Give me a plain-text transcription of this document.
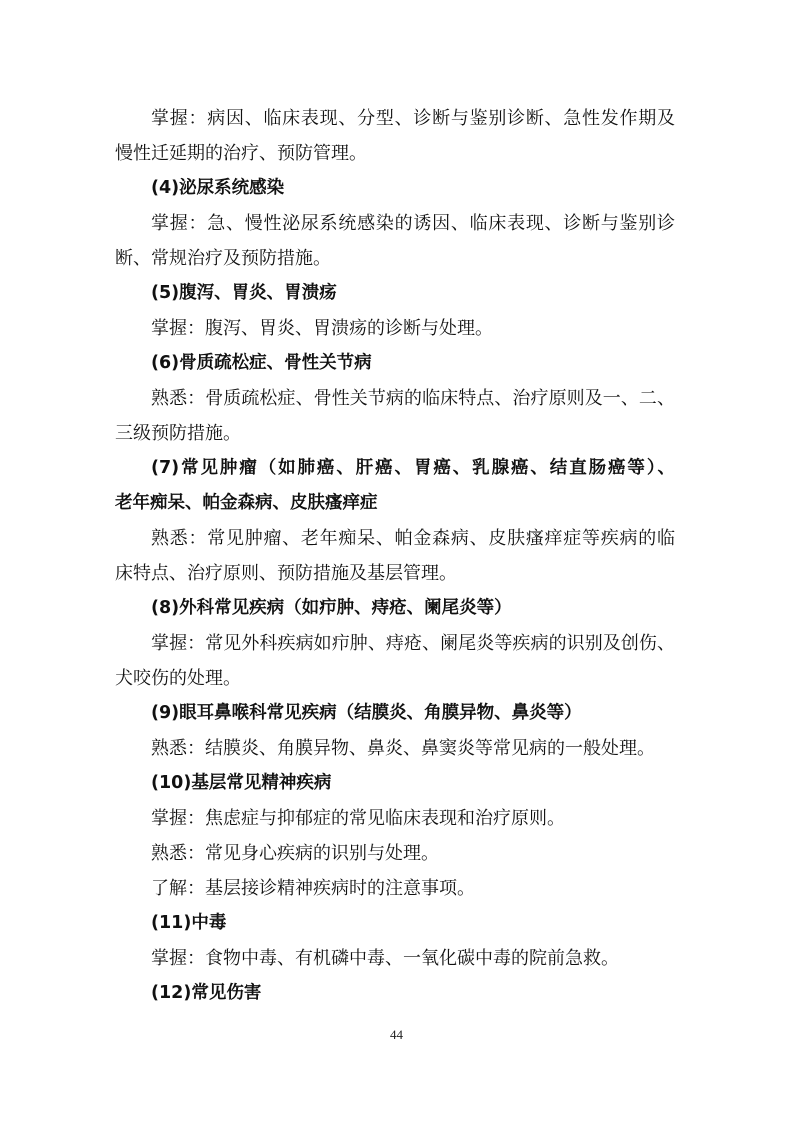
掌握：病因、临床表现、分型、诊断与鉴别诊断、急性发作期及
慢性迁延期的治疗、预防管理。
(4)泌尿系统感染
掌握：急、慢性泌尿系统感染的诱因、临床表现、诊断与鉴别诊
断、常规治疗及预防措施。
(5)腹泻、胃炎、胃溃疡
掌握：腹泻、胃炎、胃溃疡的诊断与处理。
(6)骨质疏松症、骨性关节病
熟悉：骨质疏松症、骨性关节病的临床特点、治疗原则及一、二、
三级预防措施。
(7)常见肿瘤（如肺癌、肝癌、胃癌、乳腺癌、结直肠癌等）、
老年痴呆、帕金森病、皮肤瘙痒症
熟悉：常见肿瘤、老年痴呆、帕金森病、皮肤瘙痒症等疾病的临
床特点、治疗原则、预防措施及基层管理。
(8)外科常见疾病（如疖肿、痔疮、阑尾炎等）
掌握：常见外科疾病如疖肿、痔疮、阑尾炎等疾病的识别及创伤、
犬咬伤的处理。
(9)眼耳鼻喉科常见疾病（结膜炎、角膜异物、鼻炎等）
熟悉：结膜炎、角膜异物、鼻炎、鼻窦炎等常见病的一般处理。
(10)基层常见精神疾病
掌握：焦虑症与抑郁症的常见临床表现和治疗原则。
熟悉：常见身心疾病的识别与处理。
了解：基层接诊精神疾病时的注意事项。
(11)中毒
掌握：食物中毒、有机磷中毒、一氧化碳中毒的院前急救。
(12)常见伤害
44
